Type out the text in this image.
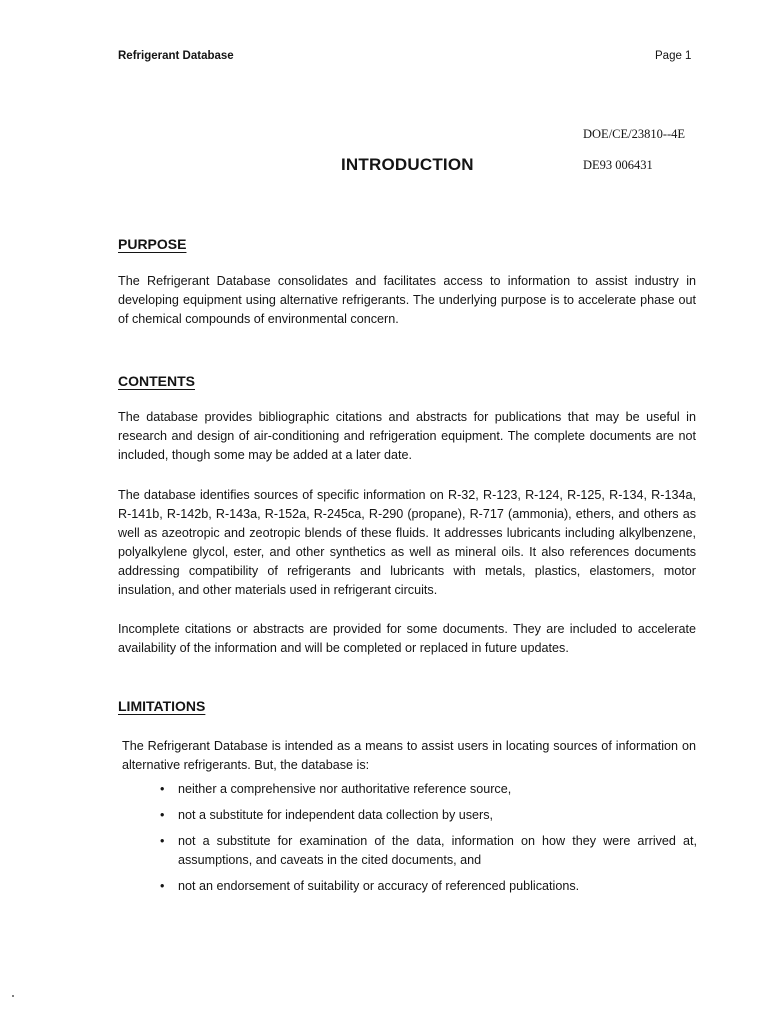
Refrigerant Database	Page 1
DOE/CE/23810--4E
INTRODUCTION	DE93 006431
PURPOSE
The Refrigerant Database consolidates and facilitates access to information to assist industry in developing equipment using alternative refrigerants. The underlying purpose is to accelerate phase out of chemical compounds of environmental concern.
CONTENTS
The database provides bibliographic citations and abstracts for publications that may be useful in research and design of air-conditioning and refrigeration equipment. The complete documents are not included, though some may be added at a later date.
The database identifies sources of specific information on R-32, R-123, R-124, R-125, R-134, R-134a, R-141b, R-142b, R-143a, R-152a, R-245ca, R-290 (propane), R-717 (ammonia), ethers, and others as well as azeotropic and zeotropic blends of these fluids. It addresses lubricants including alkylbenzene, polyalkylene glycol, ester, and other synthetics as well as mineral oils. It also references documents addressing compatibility of refrigerants and lubricants with metals, plastics, elastomers, motor insulation, and other materials used in refrigerant circuits.
Incomplete citations or abstracts are provided for some documents. They are included to accelerate availability of the information and will be completed or replaced in future updates.
LIMITATIONS
The Refrigerant Database is intended as a means to assist users in locating sources of information on alternative refrigerants. But, the database is:
• neither a comprehensive nor authoritative reference source,
• not a substitute for independent data collection by users,
• not a substitute for examination of the data, information on how they were arrived at, assumptions, and caveats in the cited documents, and
• not an endorsement of suitability or accuracy of referenced publications.
